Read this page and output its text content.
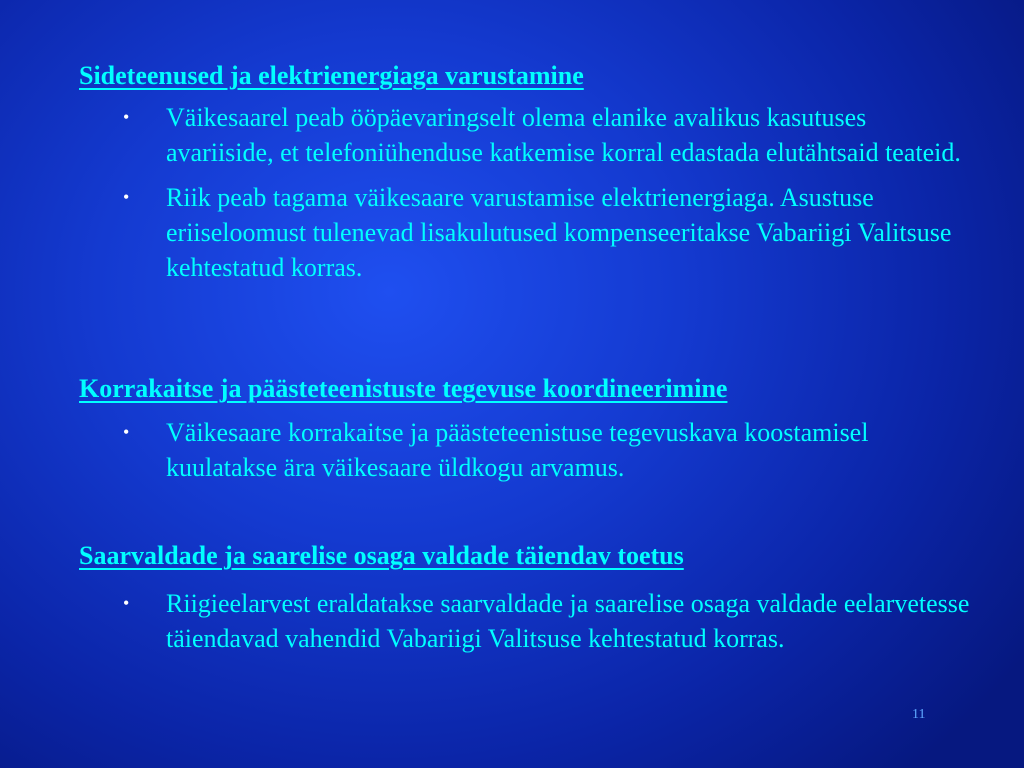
Sideteenused ja elektrienergiaga varustamine
• Väikesaarel peab ööpäevaringselt olema elanike avalikus kasutuses avariiside, et telefoniühenduse katkemise korral edastada elutähtsaid teateid.
• Riik peab tagama väikesaare varustamise elektrienergiaga. Asustuse eriiseloomust tulenevad lisakulutused kompenseeritakse Vabariigi Valitsuse kehtestatud korras.
Korrakaitse ja päästeteenistuste tegevuse koordineerimine
• Väikesaare korrakaitse ja päästeteenistuse tegevuskava koostamisel kuulatakse ära väikesaare üldkogu arvamus.
Saarvaldade ja saarelise osaga valdade täiendav toetus
• Riigieelarvest eraldatakse saarvaldade ja saarelise osaga valdade eelarvetesse täiendavad vahendid Vabariigi Valitsuse kehtestatud korras.
11
